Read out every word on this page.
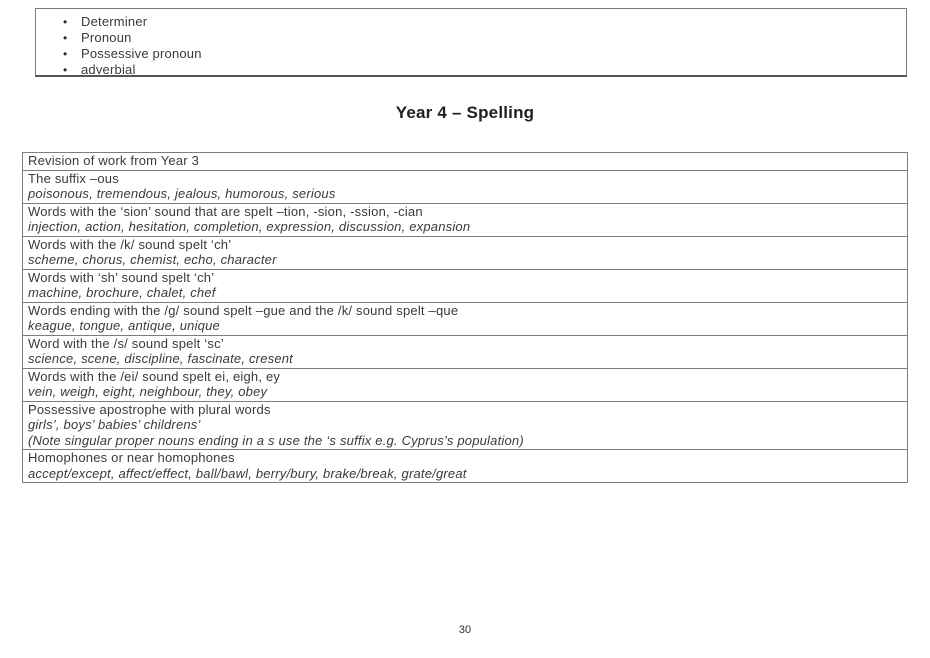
•	Determiner
•	Pronoun
•	Possessive pronoun
•	adverbial
Year 4 – Spelling
Revision of work from Year 3

The suffix –ous
poisonous, tremendous, jealous, humorous, serious

Words with the ‘sion’ sound that are spelt –tion, -sion, -ssion, -cian
injection, action, hesitation, completion, expression, discussion, expansion

Words with the /k/ sound spelt ‘ch’
scheme, chorus, chemist, echo, character

Words with ‘sh’ sound spelt ‘ch’
machine, brochure, chalet, chef

Words ending with the /g/ sound spelt –gue and the /k/ sound spelt –que
keague, tongue, antique, unique

Word with the /s/ sound spelt ‘sc’
science, scene, discipline, fascinate, cresent

Words with the /ei/ sound spelt ei, eigh, ey
vein, weigh, eight, neighbour, they, obey

Possessive apostrophe with plural words
girls’, boys’ babies’ childrens’
(Note singular proper nouns ending in a s use the ‘s suffix e.g. Cyprus’s population)

Homophones or near homophones
accept/except, affect/effect, ball/bawl, berry/bury, brake/break, grate/great
30
